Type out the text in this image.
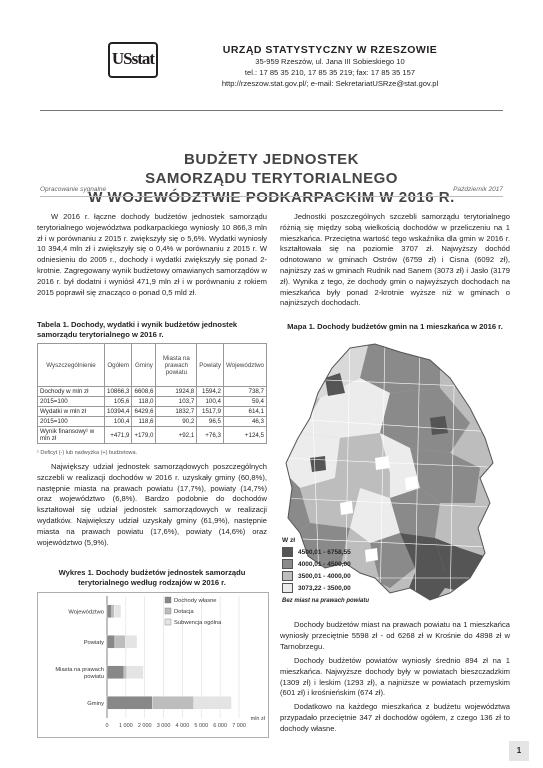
USstat	URZĄD STATYSTYCZNY W RZESZOWIE
35-959 Rzeszów, ul. Jana III Sobieskiego 10
tel.: 17 85 35 210, 17 85 35 219; fax: 17 85 35 157
http://rzeszow.stat.gov.pl/; e-mail: SekretariatUSRze@stat.gov.pl
BUDŻETY JEDNOSTEK
SAMORZĄDU TERYTORIALNEGO
W WOJEWÓDZTWIE PODKARPACKIM W 2016 R.
Opracowanie sygnalne	Październik 2017
W 2016 r. łączne dochody budżetów jednostek samorządu terytorialnego województwa podkarpackiego wyniosły 10 866,3 mln zł i w porównaniu z 2015 r. zwiększyły się o 5,6%. Wydatki wyniosły 10 394,4 mln zł i zwiększyły się o 0,4% w porównaniu z 2015 r. W odniesieniu do 2005 r., dochody i wydatki zwiększyły się ponad 2-krotnie. Zagregowany wynik budżetowy omawianych samorządów w 2016 r. był dodatni i wyniósł 471,9 mln zł i w porównaniu z rokiem 2015 poprawił się znacząco o ponad 0,5 mld zł.
Tabela 1. Dochody, wydatki i wynik budżetów jednostek samorządu terytorialnego w 2016 r.
Wyszczególnienie	Ogółem	Gminy	Miasta na prawach powiatu	Powiaty	Województwo
Dochody w mln zł	10866,3	6608,6	1924,8	1594,2	738,7
2015=100	105,6	118,0	103,7	100,4	59,4
Wydatki w mln zł	10394,4	6429,6	1832,7	1517,9	614,1
2015=100	100,4	118,6	90,2	96,5	46,3
Wynik finansowy¹ w mln zł	+471,9	+179,0	+92,1	+76,3	+124,5
¹ Deficyt (-) lub nadwyżka (+) budżetowa.
Największy udział jednostek samorządowych poszczególnych szczebli w realizacji dochodów w 2016 r. uzyskały gminy (60,8%), następnie miasta na prawach powiatu (17,7%), powiaty (14,7%) oraz województwo (6,8%). Bardzo podobnie do dochodów kształtował się udział jednostek samorządowych w realizacji wydatków. Największy udział uzyskały gminy (61,9%), następnie miasta na prawach powiatu (17,6%), powiaty (14,6%) oraz województwo (5,9%).
Wykres 1. Dochody budżetów jednostek samorządu terytorialnego według rodzajów w 2016 r.
0 1 000 2 000 3 000 4 000 5 000 6 000 7 000
mln zł
Województwo
Powiaty
Miasta na prawach
powiatu
Gminy
Dochody własne
Dotacja
Subwencja ogólna
Jednostki poszczególnych szczebli samorządu terytorialnego różnią się między sobą wielkością dochodów w przeliczeniu na 1 mieszkańca. Przeciętna wartość tego wskaźnika dla gmin w 2016 r. kształtowała się na poziomie 3707 zł. Najwyższy dochód odnotowano w gminach Ostrów (6759 zł) i Cisna (6092 zł), najniższy zaś w gminach Rudnik nad Sanem (3073 zł) i Jasło (3179 zł). Wynika z tego, że dochody gmin o najwyższych dochodach na mieszkańca były ponad 2-krotnie wyższe niż w gminach o najniższych dochodach.
Mapa 1. Dochody budżetów gmin na 1 mieszkańca w 2016 r.
W zł
4500,01 - 6758,55
4000,01 - 4500,00
3500,01 - 4000,00
3073,22 - 3500,00
Bez miast na prawach powiatu
Dochody budżetów miast na prawach powiatu na 1 mieszkańca wyniosły przeciętnie 5598 zł - od 6268 zł w Krośnie do 4898 zł w Tarnobrzegu.
Dochody budżetów powiatów wyniosły średnio 894 zł na 1 mieszkańca. Najwyższe dochody były w powiatach bieszczadzkim (1309 zł) i leskim (1293 zł), a najniższe w powiatach przemyskim (601 zł) i krośnieńskim (674 zł).
Dodatkowo na każdego mieszkańca z budżetu województwa przypadało przeciętnie 347 zł dochodów ogółem, z czego 136 zł to dochody własne.
1
